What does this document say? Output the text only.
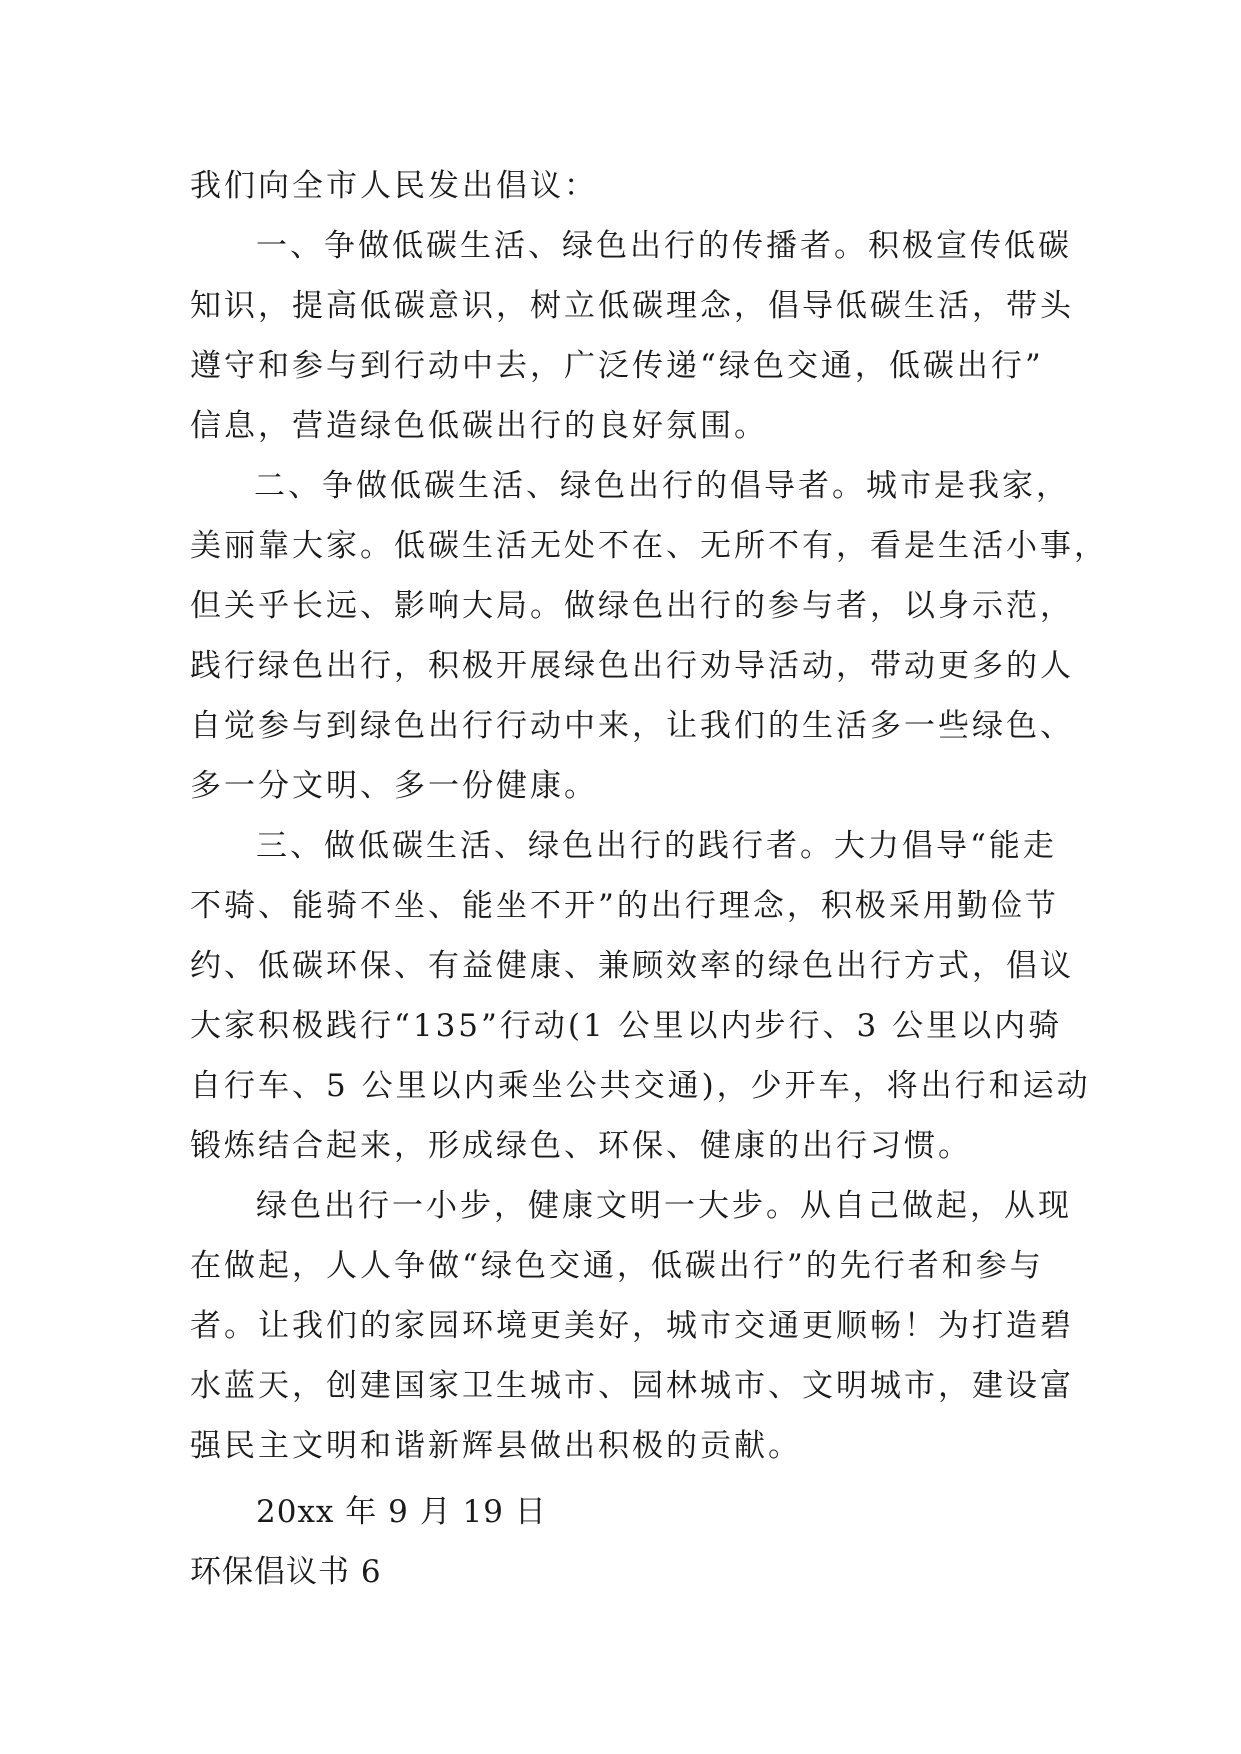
我们向全市人民发出倡议：

一、争做低碳生活、绿色出行的传播者。积极宣传低碳

知识，提高低碳意识，树立低碳理念，倡导低碳生活，带头

遵守和参与到行动中去，广泛传递“绿色交通，低碳出行”

信息，营造绿色低碳出行的良好氛围。

二、争做低碳生活、绿色出行的倡导者。城市是我家，

美丽靠大家。低碳生活无处不在、无所不有，看是生活小事，

但关乎长远、影响大局。做绿色出行的参与者，以身示范，

践行绿色出行，积极开展绿色出行劝导活动，带动更多的人

自觉参与到绿色出行行动中来，让我们的生活多一些绿色、

多一分文明、多一份健康。

三、做低碳生活、绿色出行的践行者。大力倡导“能走

不骑、能骑不坐、能坐不开”的出行理念，积极采用勤俭节

约、低碳环保、有益健康、兼顾效率的绿色出行方式，倡议

大家积极践行“135”行动(1 公里以内步行、3 公里以内骑

自行车、5 公里以内乘坐公共交通)，少开车，将出行和运动

锻炼结合起来，形成绿色、环保、健康的出行习惯。

绿色出行一小步，健康文明一大步。从自己做起，从现

在做起，人人争做“绿色交通，低碳出行”的先行者和参与

者。让我们的家园环境更美好，城市交通更顺畅！为打造碧

水蓝天，创建国家卫生城市、园林城市、文明城市，建设富

强民主文明和谐新辉县做出积极的贡献。

20xx 年 9 月 19 日

环保倡议书 6
